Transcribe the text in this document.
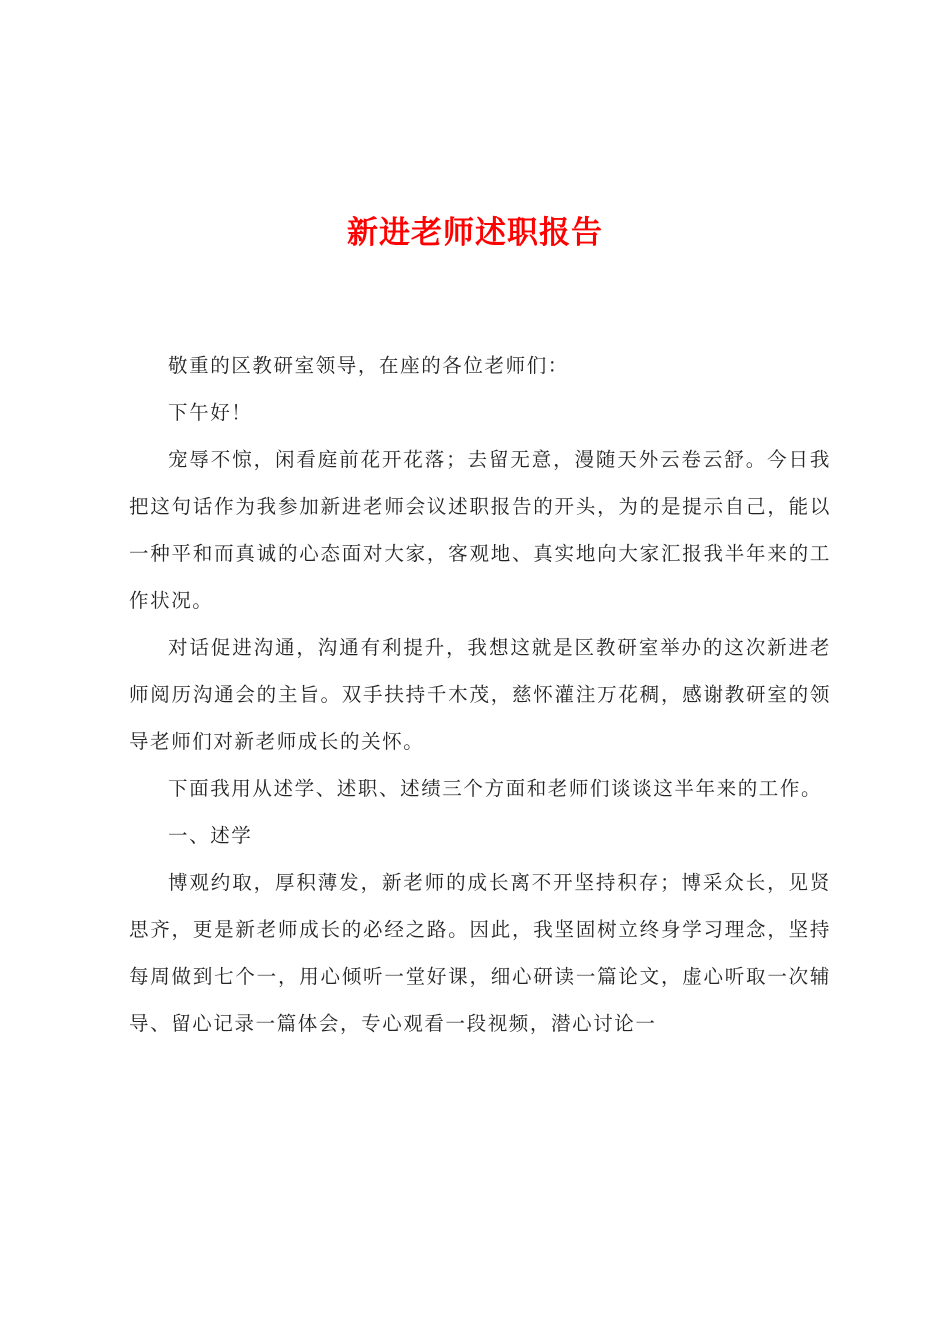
新进老师述职报告

敬重的区教研室领导，在座的各位老师们：

下午好！

宠辱不惊，闲看庭前花开花落；去留无意，漫随天外云卷云舒。今日我把这句话作为我参加新进老师会议述职报告的开头，为的是提示自己，能以一种平和而真诚的心态面对大家，客观地、真实地向大家汇报我半年来的工作状况。

对话促进沟通，沟通有利提升，我想这就是区教研室举办的这次新进老师阅历沟通会的主旨。双手扶持千木茂，慈怀灌注万花稠，感谢教研室的领导老师们对新老师成长的关怀。

下面我用从述学、述职、述绩三个方面和老师们谈谈这半年来的工作。

一、述学

博观约取，厚积薄发，新老师的成长离不开坚持积存；博采众长，见贤思齐，更是新老师成长的必经之路。因此，我坚固树立终身学习理念，坚持每周做到七个一，用心倾听一堂好课，细心研读一篇论文，虚心听取一次辅导、留心记录一篇体会，专心观看一段视频，潜心讨论一
